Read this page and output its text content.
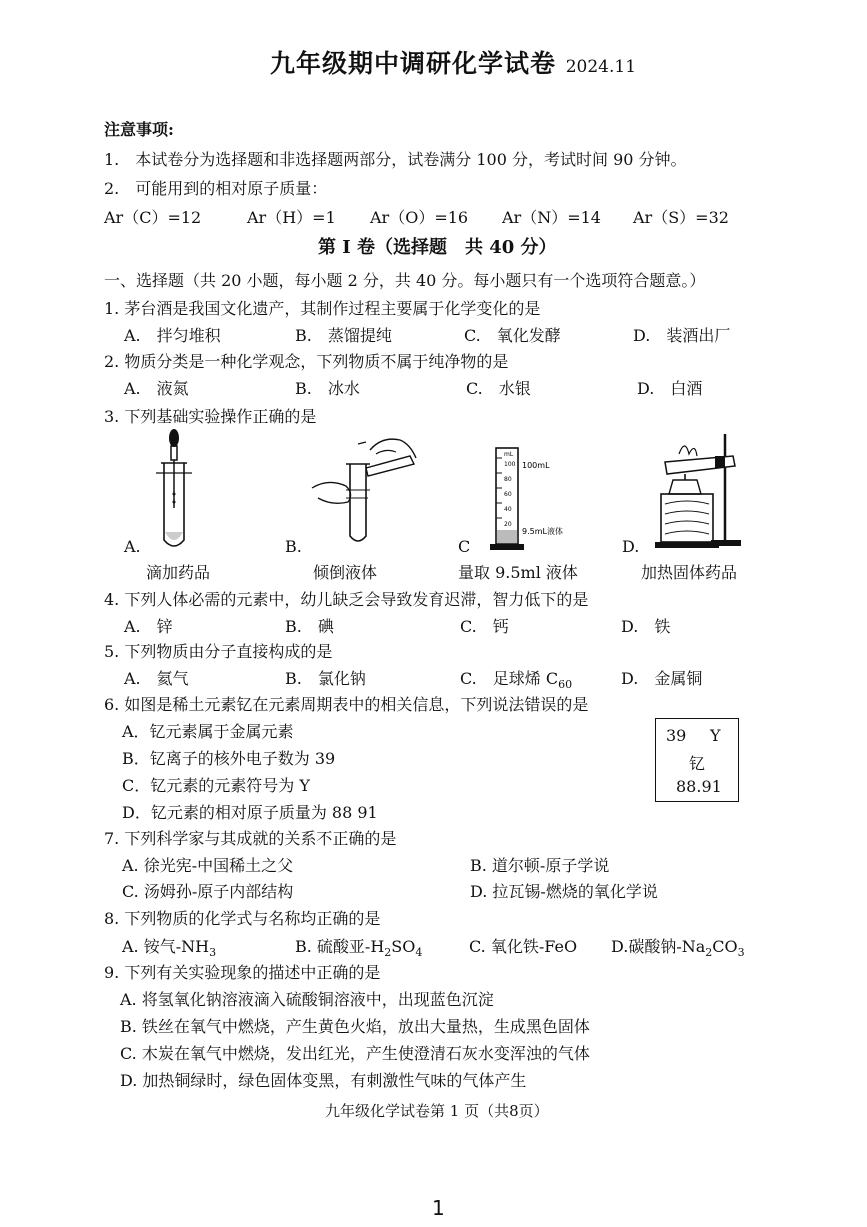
九年级期中调研化学试卷 2024.11
注意事项:
1.　本试卷分为选择题和非选择题两部分，试卷满分 100 分，考试时间 90 分钟。
2.　可能用到的相对原子质量：
Ar（C）=12	Ar（H）=1 Ar（O）=16 Ar（N）=14 Ar（S）=32
第 I 卷（选择题　共 40 分）
一、选择题（共 20 小题，每小题 2 分，共 40 分。每小题只有一个选项符合题意。）
1. 茅台酒是我国文化遗产，其制作过程主要属于化学变化的是
A.　拌匀堆积	B.　蒸馏提纯	C.　氧化发酵	D.　装酒出厂
2. 物质分类是一种化学观念，下列物质不属于纯净物的是
A.　液氮	B.　冰水	C.　水银	D.　白酒
3. 下列基础实验操作正确的是
A.	B.
mL
100
80
60
40
20
100mL
9.5mL液体
C	D.
滴加药品	倾倒液体	量取 9.5ml 液体	加热固体药品
4. 下列人体必需的元素中，幼儿缺乏会导致发育迟滞，智力低下的是
A.　锌	B.　碘	C.　钙	D.　铁
5. 下列物质由分子直接构成的是
A.　氦气	B.　氯化钠	C.　足球烯 $C_{60}$	D.　金属铜
6. 如图是稀土元素钇在元素周期表中的相关信息，下列说法错误的是
A．钇元素属于金属元素
B．钇离子的核外电子数为 39
C．钇元素的元素符号为 Y
D．钇元素的相对原子质量为 88 91
39 Y
钇
88.91
7. 下列科学家与其成就的关系不正确的是
A. 徐光宪-中国稀土之父	B. 道尔顿-原子学说
C. 汤姆孙-原子内部结构	D. 拉瓦锡-燃烧的氧化学说
8. 下列物质的化学式与名称均正确的是
A. 铵气$-NH_3$	B. 硫酸亚$-H_2SO_4$	C. 氧化铁-FeO D.碳酸钠$-Na_2CO_3$
9. 下列有关实验现象的描述中正确的是
A. 将氢氧化钠溶液滴入硫酸铜溶液中，出现蓝色沉淀
B. 铁丝在氧气中燃烧，产生黄色火焰，放出大量热，生成黑色固体
C. 木炭在氧气中燃烧，发出红光，产生使澄清石灰水变浑浊的气体
D. 加热铜绿时，绿色固体变黑，有刺激性气味的气体产生
九年级化学试卷第 1 页（共8页）
1
